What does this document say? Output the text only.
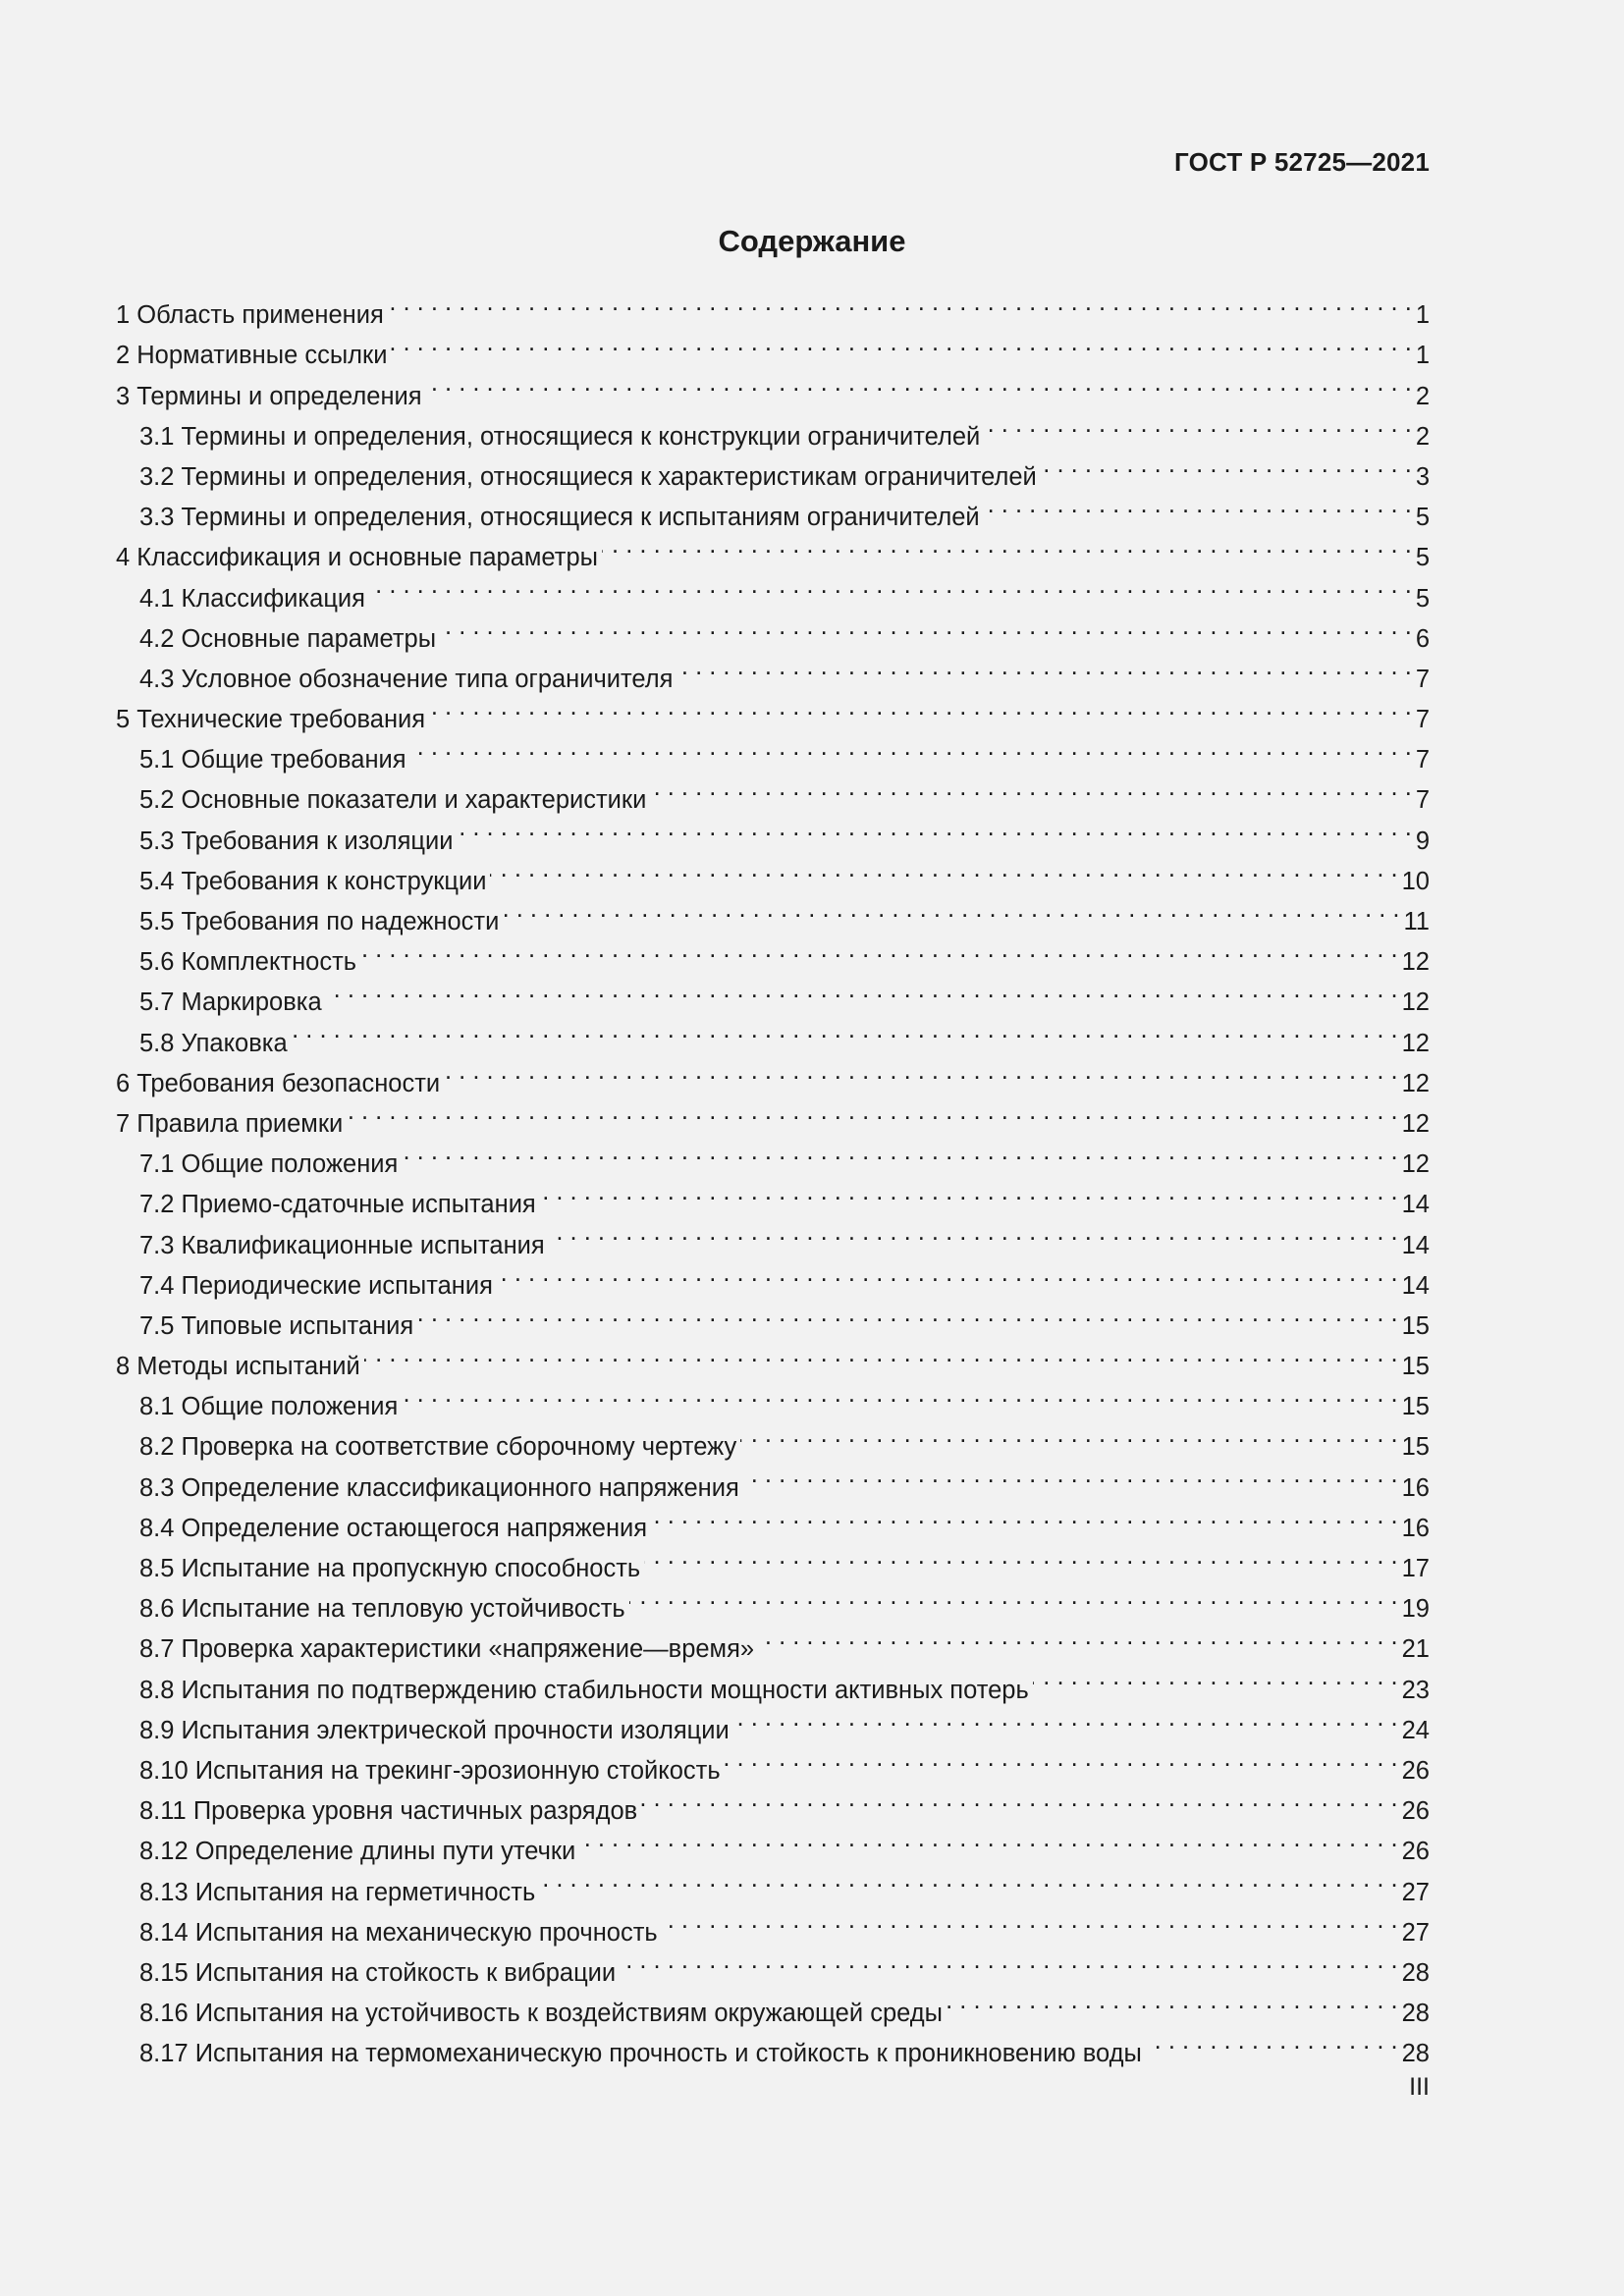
ГОСТ Р 52725—2021
Содержание
1 Область применения . . .	1
2 Нормативные ссылки . . .	1
3 Термины и определения . . .	2
3.1 Термины и определения, относящиеся к конструкции ограничителей . . .	2
3.2 Термины и определения, относящиеся к характеристикам ограничителей . . .	3
3.3 Термины и определения, относящиеся к испытаниям ограничителей . . .	5
4 Классификация и основные параметры . . .	5
4.1 Классификация . . .	5
4.2 Основные параметры . . .	6
4.3 Условное обозначение типа ограничителя . . .	7
5 Технические требования . . .	7
5.1 Общие требования . . .	7
5.2 Основные показатели и характеристики . . .	7
5.3 Требования к изоляции . . .	9
5.4 Требования к конструкции . . .	10
5.5 Требования по надежности . . .	11
5.6 Комплектность . . .	12
5.7 Маркировка . . .	12
5.8 Упаковка . . .	12
6 Требования безопасности . . .	12
7 Правила приемки . . .	12
7.1 Общие положения . . .	12
7.2 Приемо-сдаточные испытания . . .	14
7.3 Квалификационные испытания . . .	14
7.4 Периодические испытания . . .	14
7.5 Типовые испытания . . .	15
8 Методы испытаний . . .	15
8.1 Общие положения . . .	15
8.2 Проверка на соответствие сборочному чертежу . . .	15
8.3 Определение классификационного напряжения . . .	16
8.4 Определение остающегося напряжения . . .	16
8.5 Испытание на пропускную способность . . .	17
8.6 Испытание на тепловую устойчивость . . .	19
8.7 Проверка характеристики «напряжение—время» . . .	21
8.8 Испытания по подтверждению стабильности мощности активных потерь . . .	23
8.9 Испытания электрической прочности изоляции . . .	24
8.10 Испытания на трекинг-эрозионную стойкость . . .	26
8.11 Проверка уровня частичных разрядов . . .	26
8.12 Определение длины пути утечки . . .	26
8.13 Испытания на герметичность . . .	27
8.14 Испытания на механическую прочность . . .	27
8.15 Испытания на стойкость к вибрации . . .	28
8.16 Испытания на устойчивость к воздействиям окружающей среды . . .	28
8.17 Испытания на термомеханическую прочность и стойкость к проникновению воды . . .	28
III
